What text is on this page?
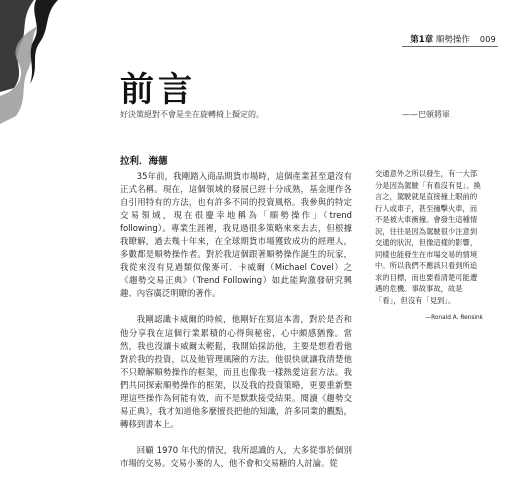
第1章 順勢操作 009
前言
好決策絕對不會是坐在旋轉椅上擬定的。	——巴頓將軍
拉利．海德

35年前，我剛踏入商品期貨市場時，這個產業甚至還沒有正式名稱。現在，這個領域的發展已經十分成熟，基金運作各自引用特有的方法，也有許多不同的投資風格。我參與的特定交易領域，現在很慶幸地稱為「順勢操作」（trend following）。專業生涯裡，我見過很多策略來來去去，但根據我瞭解，過去幾十年來，在全球期貨市場獲致成功的經理人，多數都是順勢操作者。對於我這個跟著順勢操作誕生的玩家，我從來沒有見過類似像麥可．卡威爾（Michael Covel）之《趨勢交易正典》（Trend Following）如此能夠激發研究興趣、內容廣泛明瞭的著作。

我剛認識卡威爾的時候，他剛好在寫這本書，對於是否和他分享我在這個行業累積的心得與秘密，心中頗感猶豫。當然，我也沒讓卡威爾太輕鬆，我開始採訪他，主要是想看看他對於我的投資，以及他管理風險的方法。他很快就讓我清楚他不只瞭解順勢操作的框架，而且也像我一樣熱愛這套方法。我們共同探索順勢操作的框架，以及我的投資策略，更要重新整理這些操作為何能有效，而不是默默接受結果。閱讀《趨勢交易正典》，我才知道他多麼擅長把他的知識，許多同業的觀點，轉移到書本上。

回顧 1970 年代的情況，我所認識的人，大多從事於個別市場的交易。交易小麥的人，他不會和交易糖的人討論。從

交通意外之所以發生，有一大部分是因為駕駛「有看沒有見」。換言之，駕駛就是直接撞上眼前的行人或車子，甚至撞擊火車，而不是被大車衝撞。會發生這種情況，往往是因為駕駛很少注意到交通的狀況，但像這樣的影響，同樣也能發生在市場交易的情境中。所以我們不應該只看到所追求的目標，而也要看清楚可能遭遇的危機。事故事故，故是「看」，但沒有「見到」。
—Ronald A. Rensink
